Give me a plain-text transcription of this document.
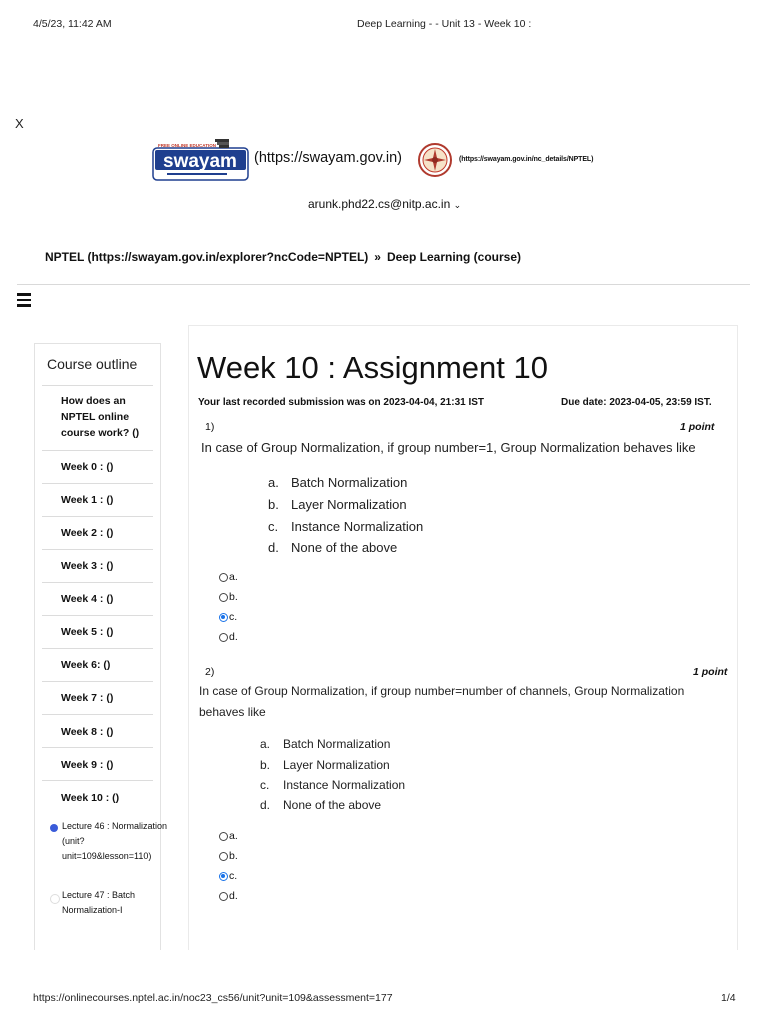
4/5/23, 11:42 AM	Deep Learning - - Unit 13 - Week 10 :
https://onlinecourses.nptel.ac.in/noc23_cs56/unit?unit=109&assessment=177	1/4
X
swayam
FREE ONLINE EDUCATION
(https://swayam.gov.in)	(https://swayam.gov.in/nc_details/NPTEL)
arunk.phd22.cs@nitp.ac.in ⌄
NPTEL (https://swayam.gov.in/explorer?ncCode=NPTEL) » Deep Learning (course)
Course outline
How does an NPTEL online course work? ()
Week 0 : ()
Week 1 : ()
Week 2 : ()
Week 3 : ()
Week 4 : ()
Week 5 : ()
Week 6: ()
Week 7 : ()
Week 8 : ()
Week 9 : ()
Week 10 : ()
Lecture 46 : Normalization (unit?unit=109&lesson=110)
Lecture 47 : Batch Normalization-I
Week 10 : Assignment 10
Your last recorded submission was on 2023-04-04, 21:31 IST	Due date: 2023-04-05, 23:59 IST.
1)	1 point
In case of Group Normalization, if group number=1, Group Normalization behaves like
a. Batch Normalization
b. Layer Normalization
c. Instance Normalization
d. None of the above
a.
b.
c.
d.
2)	1 point
In case of Group Normalization, if group number=number of channels, Group Normalization
behaves like
a. Batch Normalization
b. Layer Normalization
c. Instance Normalization
d. None of the above
a.
b.
c.
d.
